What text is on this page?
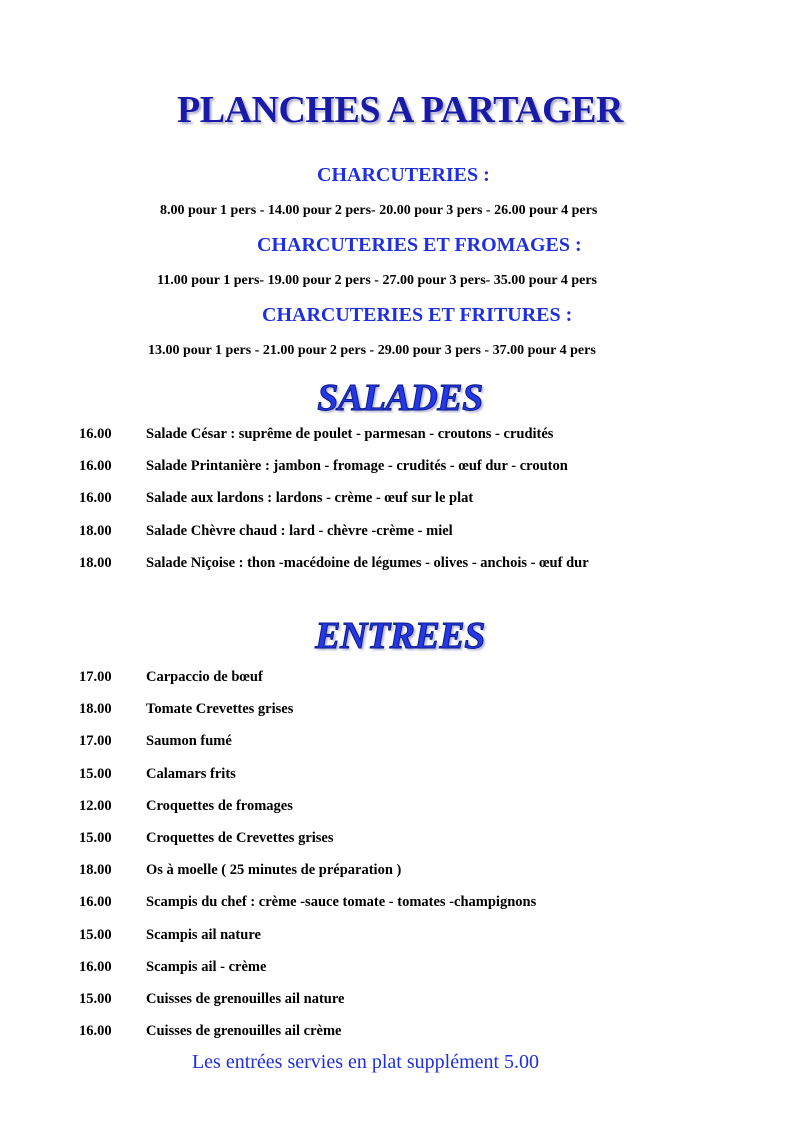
PLANCHES A PARTAGER
CHARCUTERIES :
8.00 pour 1 pers - 14.00 pour 2 pers- 20.00 pour 3 pers - 26.00 pour 4 pers
CHARCUTERIES ET FROMAGES :
11.00 pour 1 pers- 19.00 pour 2 pers - 27.00 pour 3 pers- 35.00 pour 4 pers
CHARCUTERIES ET FRITURES :
13.00 pour 1 pers - 21.00 pour 2 pers - 29.00 pour 3 pers - 37.00 pour 4 pers
SALADES
16.00	Salade César : suprême de poulet - parmesan - croutons - crudités
16.00	Salade Printanière : jambon - fromage - crudités - œuf dur - crouton
16.00	Salade aux lardons : lardons - crème - œuf sur le plat
18.00	Salade Chèvre chaud : lard - chèvre -crème - miel
18.00	Salade Niçoise : thon -macédoine de légumes - olives - anchois - œuf dur
ENTREES
17.00	Carpaccio de bœuf
18.00	Tomate Crevettes grises
17.00	Saumon fumé
15.00	Calamars frits
12.00	Croquettes de fromages
15.00	Croquettes de Crevettes grises
18.00	Os à moelle ( 25 minutes de préparation )
16.00	Scampis du chef : crème -sauce tomate - tomates -champignons
15.00	Scampis ail nature
16.00	Scampis ail - crème
15.00	Cuisses de grenouilles ail nature
16.00	Cuisses de grenouilles ail crème
Les entrées servies en plat supplément 5.00
